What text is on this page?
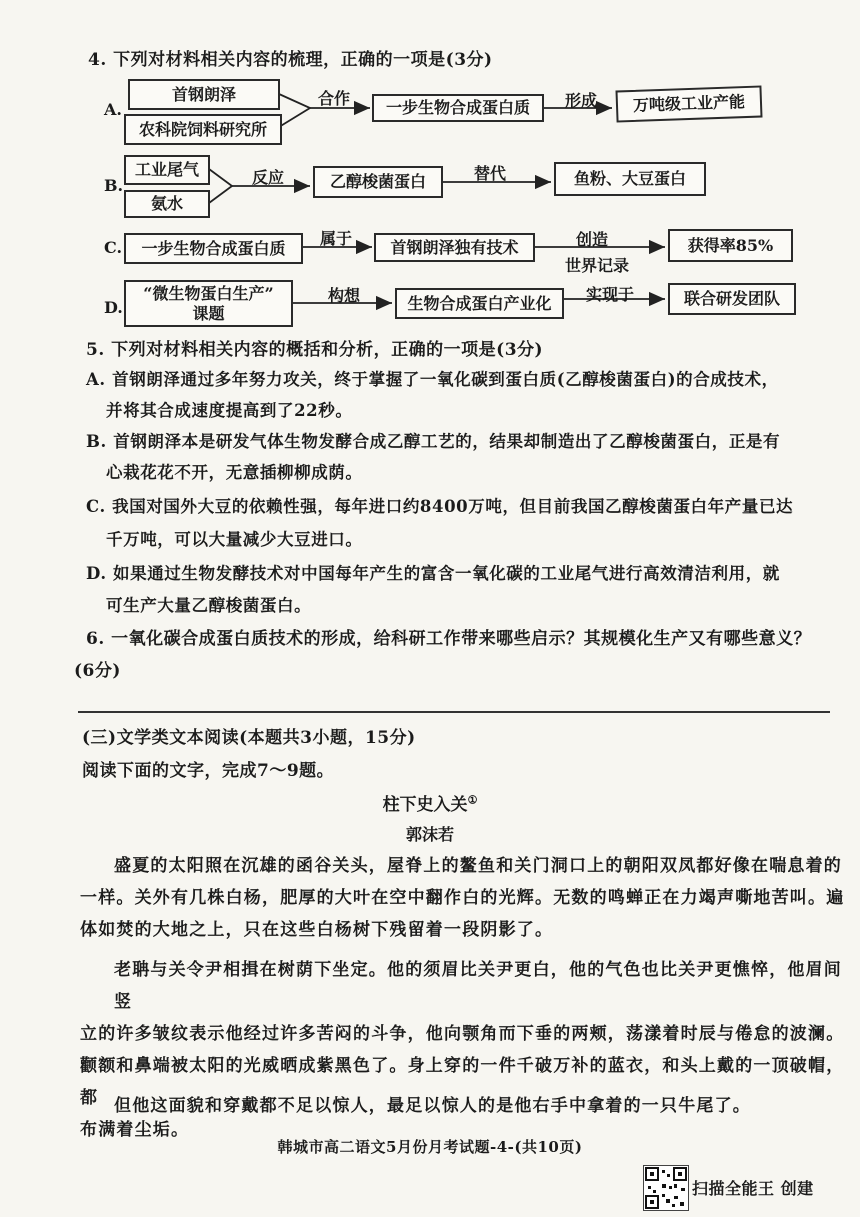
4. 下列对材料相关内容的梳理，正确的一项是(3分)
A.
首钢朗泽
农科院饲料研究所
合作	一步生物合成蛋白质	形成	万吨级工业产能
B.
工业尾气
氨水
反应	乙醇梭菌蛋白	替代	鱼粉、大豆蛋白
C.	一步生物合成蛋白质	属于	首钢朗泽独有技术	创造
世界记录
获得率85%
D.
“微生物蛋白生产”
课题
构想	生物合成蛋白产业化	实现于	联合研发团队
5. 下列对材料相关内容的概括和分析，正确的一项是(3分)
A. 首钢朗泽通过多年努力攻关，终于掌握了一氧化碳到蛋白质(乙醇梭菌蛋白)的合成技术，
并将其合成速度提高到了22秒。
B. 首钢朗泽本是研发气体生物发酵合成乙醇工艺的，结果却制造出了乙醇梭菌蛋白，正是有
心栽花花不开，无意插柳柳成荫。
C. 我国对国外大豆的依赖性强，每年进口约8400万吨，但目前我国乙醇梭菌蛋白年产量已达
千万吨，可以大量减少大豆进口。
D. 如果通过生物发酵技术对中国每年产生的富含一氧化碳的工业尾气进行高效清洁利用，就
可生产大量乙醇梭菌蛋白。
6. 一氧化碳合成蛋白质技术的形成，给科研工作带来哪些启示？其规模化生产又有哪些意义？
(6分)
(三)文学类文本阅读(本题共3小题，15分)
阅读下面的文字，完成7～9题。
柱下史入关①
郭沫若
盛夏的太阳照在沉雄的函谷关头，屋脊上的鳌鱼和关门洞口上的朝阳双凤都好像在喘息着的
一样。关外有几株白杨，肥厚的大叶在空中翻作白的光辉。无数的鸣蝉正在力竭声嘶地苦叫。遍
体如焚的大地之上，只在这些白杨树下残留着一段阴影了。
老聃与关令尹相揖在树荫下坐定。他的须眉比关尹更白，他的气色也比关尹更憔悴，他眉间竖
立的许多皱纹表示他经过许多苦闷的斗争，他向颚角而下垂的两颊，荡漾着时辰与倦怠的波澜。
颧额和鼻端被太阳的光威晒成紫黑色了。身上穿的一件千破万补的蓝衣，和头上戴的一顶破帽，都
布满着尘垢。
但他这面貌和穿戴都不足以惊人，最足以惊人的是他右手中拿着的一只牛尾了。
韩城市高二语文5月份月考试题-4-(共10页)
扫描全能王 创建
